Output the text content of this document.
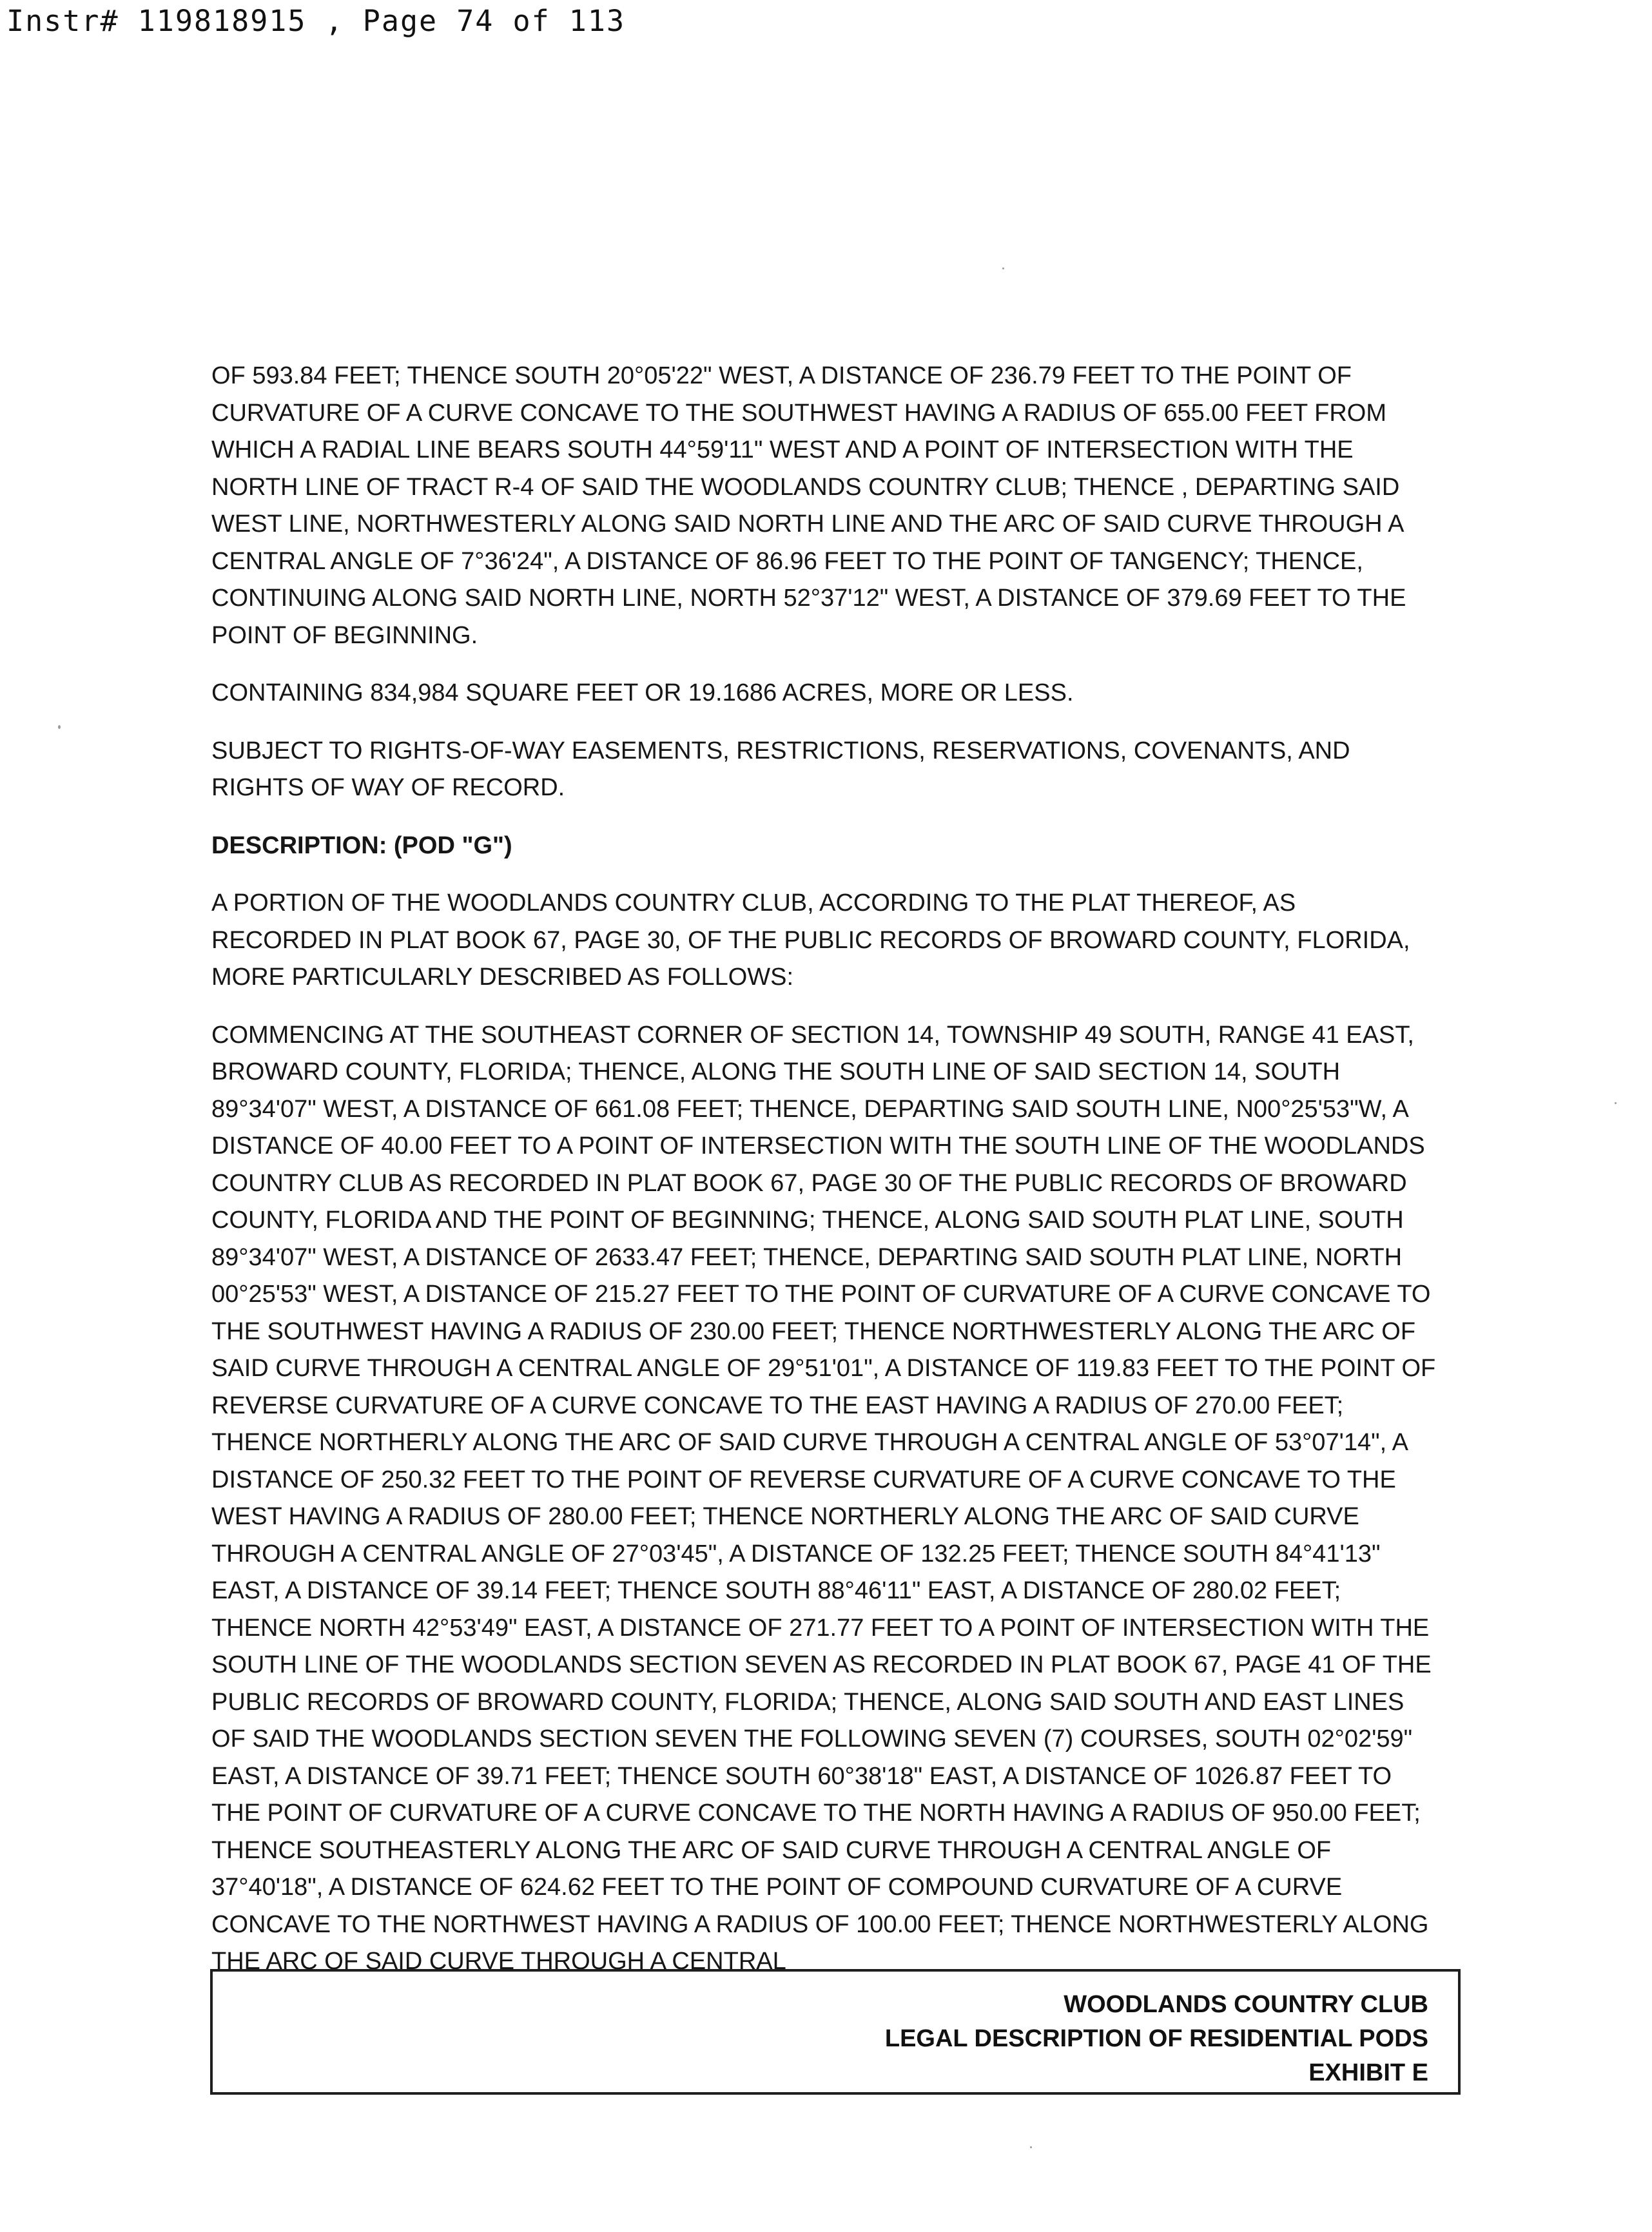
Instr# 119818915 , Page 74 of 113

OF 593.84 FEET; THENCE SOUTH 20°05'22" WEST, A DISTANCE OF 236.79 FEET TO THE POINT OF CURVATURE OF A CURVE CONCAVE TO THE SOUTHWEST HAVING A RADIUS OF 655.00 FEET FROM WHICH A RADIAL LINE BEARS SOUTH 44°59'11" WEST AND A POINT OF INTERSECTION WITH THE NORTH LINE OF TRACT R-4 OF SAID THE WOODLANDS COUNTRY CLUB; THENCE , DEPARTING SAID WEST LINE, NORTHWESTERLY ALONG SAID NORTH LINE AND THE ARC OF SAID CURVE THROUGH A CENTRAL ANGLE OF 7°36'24", A DISTANCE OF 86.96 FEET TO THE POINT OF TANGENCY; THENCE, CONTINUING ALONG SAID NORTH LINE, NORTH 52°37'12" WEST, A DISTANCE OF 379.69 FEET TO THE POINT OF BEGINNING.

CONTAINING 834,984 SQUARE FEET OR 19.1686 ACRES, MORE OR LESS.

SUBJECT TO RIGHTS-OF-WAY EASEMENTS, RESTRICTIONS, RESERVATIONS, COVENANTS, AND RIGHTS OF WAY OF RECORD.

DESCRIPTION: (POD "G")

A PORTION OF THE WOODLANDS COUNTRY CLUB, ACCORDING TO THE PLAT THEREOF, AS RECORDED IN PLAT BOOK 67, PAGE 30, OF THE PUBLIC RECORDS OF BROWARD COUNTY, FLORIDA, MORE PARTICULARLY DESCRIBED AS FOLLOWS:

COMMENCING AT THE SOUTHEAST CORNER OF SECTION 14, TOWNSHIP 49 SOUTH, RANGE 41 EAST, BROWARD COUNTY, FLORIDA; THENCE, ALONG THE SOUTH LINE OF SAID SECTION 14, SOUTH 89°34'07" WEST, A DISTANCE OF 661.08 FEET; THENCE, DEPARTING SAID SOUTH LINE, N00°25'53"W, A DISTANCE OF 40.00 FEET TO A POINT OF INTERSECTION WITH THE SOUTH LINE OF THE WOODLANDS COUNTRY CLUB AS RECORDED IN PLAT BOOK 67, PAGE 30 OF THE PUBLIC RECORDS OF BROWARD COUNTY, FLORIDA AND THE POINT OF BEGINNING; THENCE, ALONG SAID SOUTH PLAT LINE, SOUTH 89°34'07" WEST, A DISTANCE OF 2633.47 FEET; THENCE, DEPARTING SAID SOUTH PLAT LINE, NORTH 00°25'53" WEST, A DISTANCE OF 215.27 FEET TO THE POINT OF CURVATURE OF A CURVE CONCAVE TO THE SOUTHWEST HAVING A RADIUS OF 230.00 FEET; THENCE NORTHWESTERLY ALONG THE ARC OF SAID CURVE THROUGH A CENTRAL ANGLE OF 29°51'01", A DISTANCE OF 119.83 FEET TO THE POINT OF REVERSE CURVATURE OF A CURVE CONCAVE TO THE EAST HAVING A RADIUS OF 270.00 FEET; THENCE NORTHERLY ALONG THE ARC OF SAID CURVE THROUGH A CENTRAL ANGLE OF 53°07'14", A DISTANCE OF 250.32 FEET TO THE POINT OF REVERSE CURVATURE OF A CURVE CONCAVE TO THE WEST HAVING A RADIUS OF 280.00 FEET; THENCE NORTHERLY ALONG THE ARC OF SAID CURVE THROUGH A CENTRAL ANGLE OF 27°03'45", A DISTANCE OF 132.25 FEET; THENCE SOUTH 84°41'13" EAST, A DISTANCE OF 39.14 FEET; THENCE SOUTH 88°46'11" EAST, A DISTANCE OF 280.02 FEET; THENCE NORTH 42°53'49" EAST, A DISTANCE OF 271.77 FEET TO A POINT OF INTERSECTION WITH THE SOUTH LINE OF THE WOODLANDS SECTION SEVEN AS RECORDED IN PLAT BOOK 67, PAGE 41 OF THE PUBLIC RECORDS OF BROWARD COUNTY, FLORIDA; THENCE, ALONG SAID SOUTH AND EAST LINES OF SAID THE WOODLANDS SECTION SEVEN THE FOLLOWING SEVEN (7) COURSES, SOUTH 02°02'59" EAST, A DISTANCE OF 39.71 FEET; THENCE SOUTH 60°38'18" EAST, A DISTANCE OF 1026.87 FEET TO THE POINT OF CURVATURE OF A CURVE CONCAVE TO THE NORTH HAVING A RADIUS OF 950.00 FEET; THENCE SOUTHEASTERLY ALONG THE ARC OF SAID CURVE THROUGH A CENTRAL ANGLE OF 37°40'18", A DISTANCE OF 624.62 FEET TO THE POINT OF COMPOUND CURVATURE OF A CURVE CONCAVE TO THE NORTHWEST HAVING A RADIUS OF 100.00 FEET; THENCE NORTHWESTERLY ALONG THE ARC OF SAID CURVE THROUGH A CENTRAL

WOODLANDS COUNTRY CLUB
LEGAL DESCRIPTION OF RESIDENTIAL PODS
EXHIBIT E
